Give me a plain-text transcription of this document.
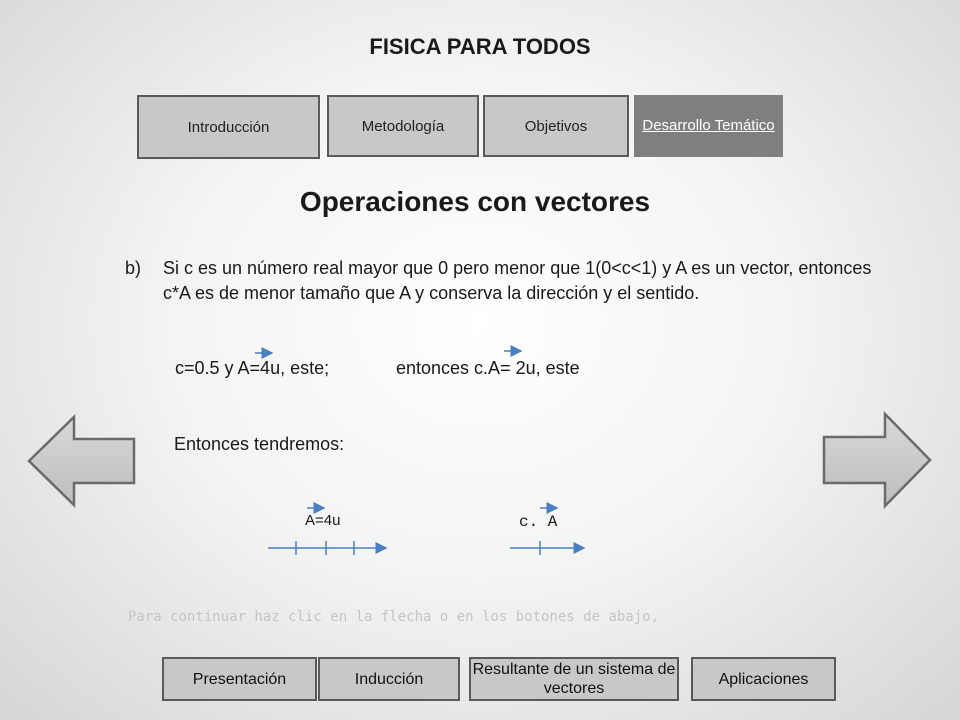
FISICA PARA TODOS
Introducción	Metodología	Objetivos	Desarrollo Temático
Operaciones con vectores
b) Si c es un número real mayor que 0 pero menor que 1(0<c<1) y A es un vector, entonces c*A es de menor tamaño que A y conserva la dirección y el sentido.
c=0.5 y A=4u, este;	entonces c.A= 2u, este
Entonces tendremos:
A=4u	c. A
Para continuar haz clic en la flecha o en los botones de abajo,
Presentación	Inducción
Resultante de un sistema de vectores
Aplicaciones
